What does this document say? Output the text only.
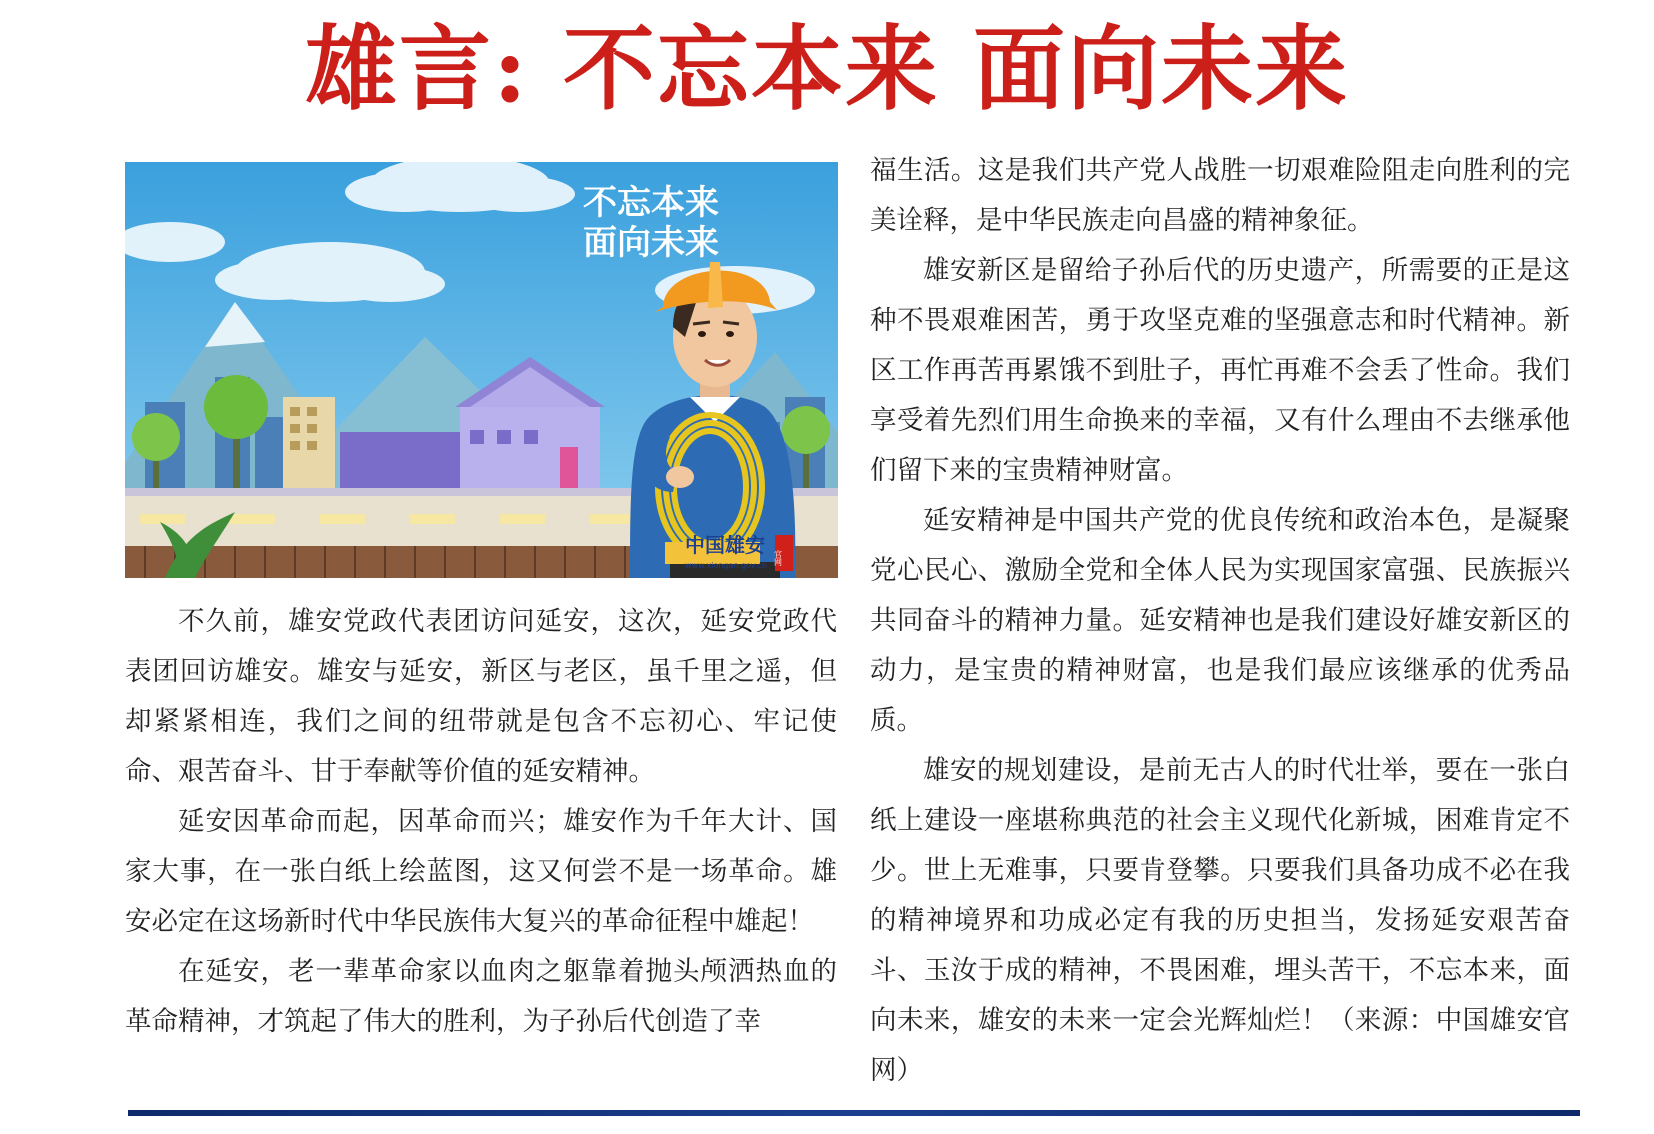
雄言: 不忘本来 面向未来
不忘本来
面向未来
中国雄安
www.xiongan.gov.cn 官网

不久前，雄安党政代表团访问延安，这次，延安党政代表团回访雄安。雄安与延安，新区与老区，虽千里之遥，但却紧紧相连，我们之间的纽带就是包含不忘初心、牢记使命、艰苦奋斗、甘于奉献等价值的延安精神。

延安因革命而起，因革命而兴；雄安作为千年大计、国家大事，在一张白纸上绘蓝图，这又何尝不是一场革命。雄安必定在这场新时代中华民族伟大复兴的革命征程中雄起！

在延安，老一辈革命家以血肉之躯靠着抛头颅洒热血的革命精神，才筑起了伟大的胜利，为子孙后代创造了幸

福生活。这是我们共产党人战胜一切艰难险阻走向胜利的完美诠释，是中华民族走向昌盛的精神象征。

雄安新区是留给子孙后代的历史遗产，所需要的正是这种不畏艰难困苦，勇于攻坚克难的坚强意志和时代精神。新区工作再苦再累饿不到肚子，再忙再难不会丢了性命。我们享受着先烈们用生命换来的幸福，又有什么理由不去继承他们留下来的宝贵精神财富。

延安精神是中国共产党的优良传统和政治本色，是凝聚党心民心、激励全党和全体人民为实现国家富强、民族振兴共同奋斗的精神力量。延安精神也是我们建设好雄安新区的动力，是宝贵的精神财富，也是我们最应该继承的优秀品质。

雄安的规划建设，是前无古人的时代壮举，要在一张白纸上建设一座堪称典范的社会主义现代化新城，困难肯定不少。世上无难事，只要肯登攀。只要我们具备功成不必在我的精神境界和功成必定有我的历史担当，发扬延安艰苦奋斗、玉汝于成的精神，不畏困难，埋头苦干，不忘本来，面向未来，雄安的未来一定会光辉灿烂！（来源：中国雄安官网）
